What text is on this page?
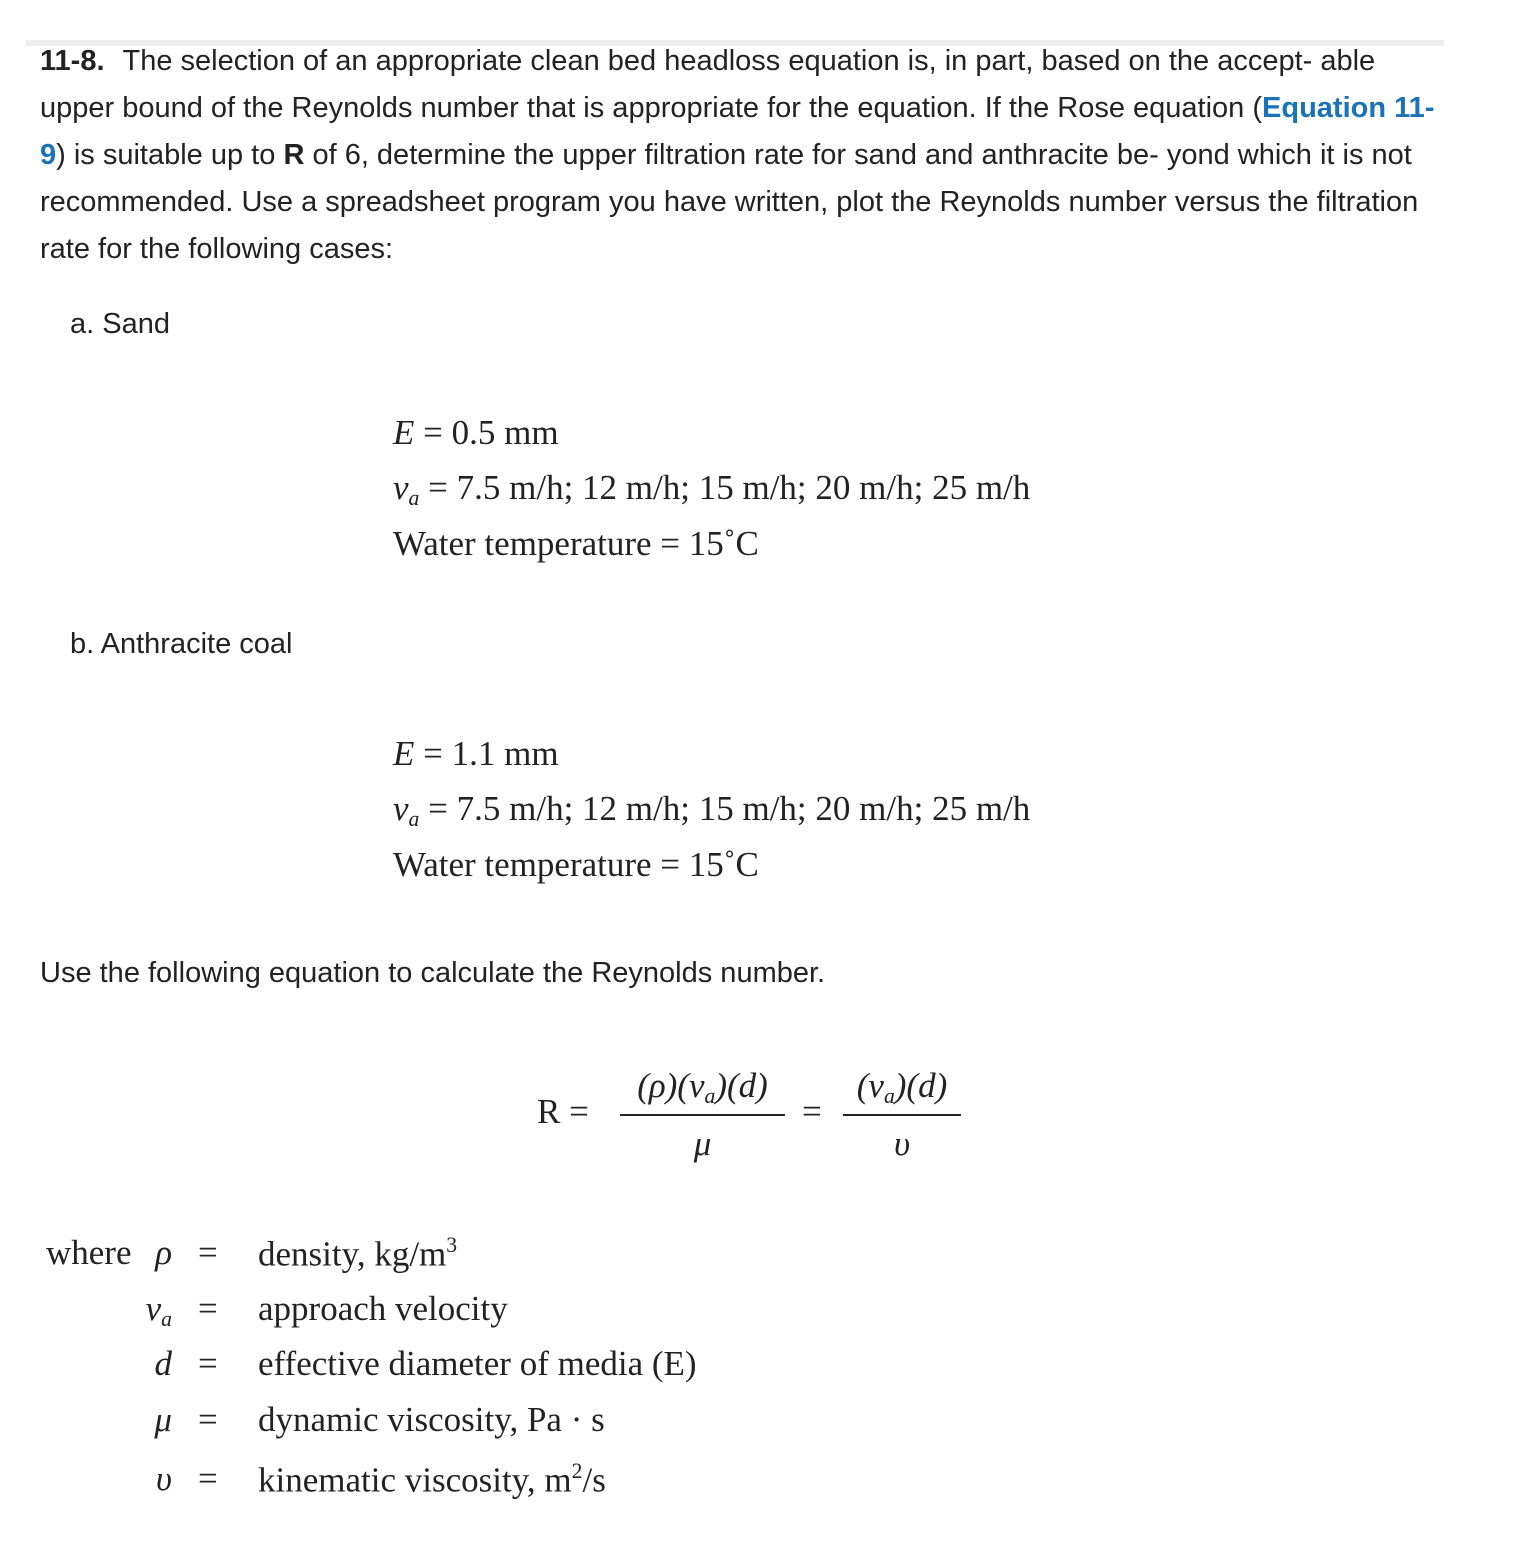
11-8. The selection of an appropriate clean bed headloss equation is, in part, based on the accept- able upper bound of the Reynolds number that is appropriate for the equation. If the Rose equation (Equation 11-9) is suitable up to R of 6, determine the upper filtration rate for sand and anthracite be- yond which it is not recommended. Use a spreadsheet program you have written, plot the Reynolds number versus the filtration rate for the following cases:
a. Sand
E = 0.5 mm
$v_a = 7.5$ m/h; 12 m/h; 15 m/h; 20 m/h; 25 m/h
Water temperature = 15˚C
b. Anthracite coal
E = 1.1 mm
$v_a = 7.5$ m/h; 12 m/h; 15 m/h; 20 m/h; 25 m/h
Water temperature = 15˚C
Use the following equation to calculate the Reynolds number.
R =
$(\rho)(v_a)(d)$
μ
=
$(v_a)(d)$
υ
where ρ = density, $kg/m^3$
$v_a$ = approach velocity
d = effective diameter of media (E)
μ = dynamic viscosity, Pa · s
υ = kinematic viscosity, $m^2/s$
